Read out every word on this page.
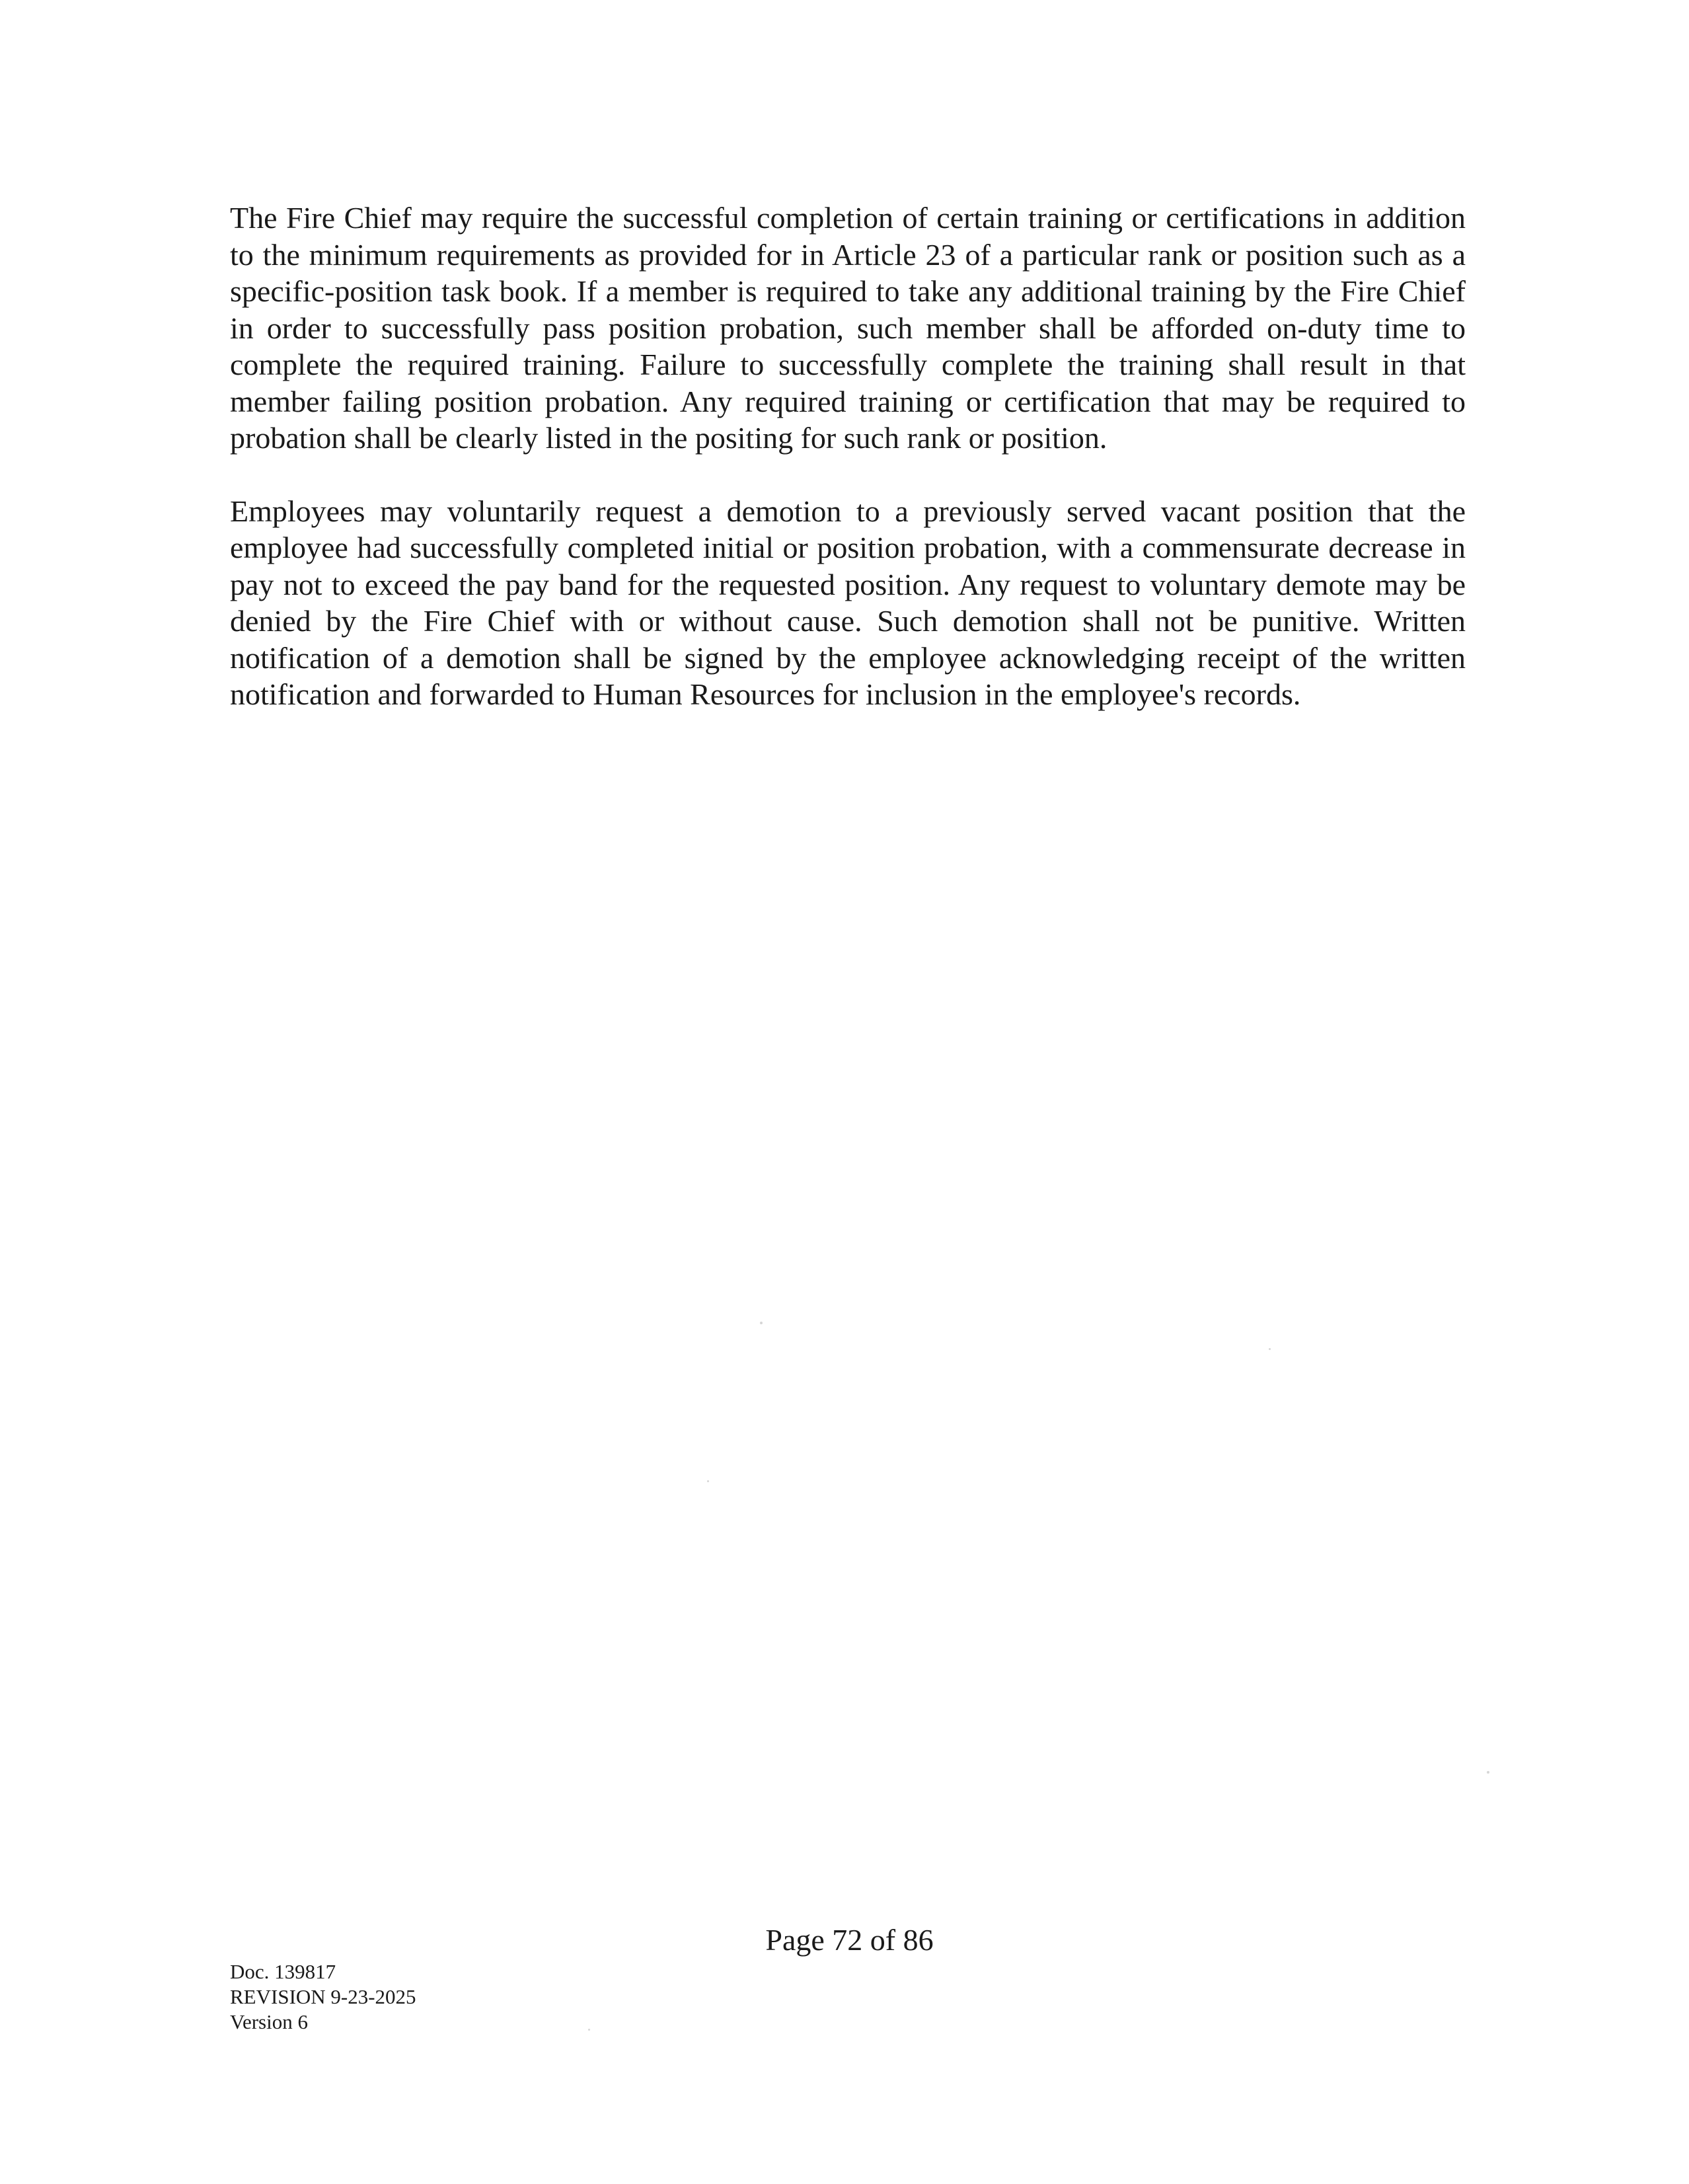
The Fire Chief may require the successful completion of certain training or certifications in addition to the minimum requirements as provided for in Article 23 of a particular rank or position such as a specific-position task book. If a member is required to take any additional training by the Fire Chief in order to successfully pass position probation, such member shall be afforded on-duty time to complete the required training. Failure to successfully complete the training shall result in that member failing position probation. Any required training or certification that may be required to probation shall be clearly listed in the positing for such rank or position.

Employees may voluntarily request a demotion to a previously served vacant position that the employee had successfully completed initial or position probation, with a commensurate decrease in pay not to exceed the pay band for the requested position. Any request to voluntary demote may be denied by the Fire Chief with or without cause. Such demotion shall not be punitive. Written notification of a demotion shall be signed by the employee acknowledging receipt of the written notification and forwarded to Human Resources for inclusion in the employee's records.

Page 72 of 86
Doc. 139817
REVISION 9-23-2025
Version 6
